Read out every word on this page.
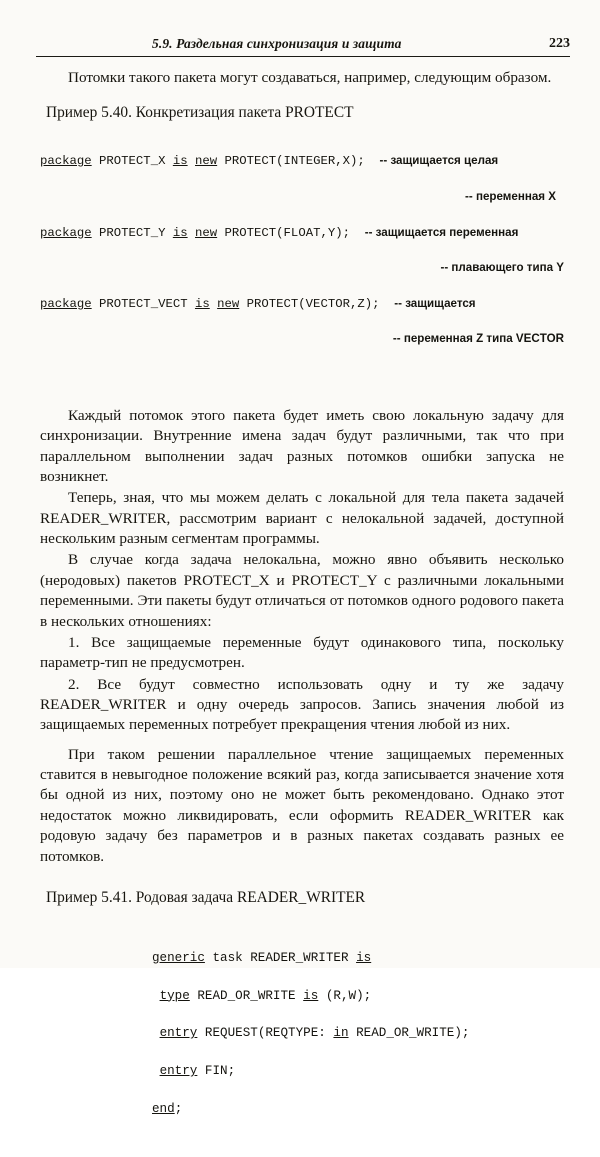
5.9. Раздельная синхронизация и защита	223

Потомки такого пакета могут создаваться, например, следующим образом.

Пример 5.40. Конкретизация пакета PROTECT

package PROTECT_X is new PROTECT(INTEGER,X); -- защищается целая

-- переменная X

package PROTECT_Y is new PROTECT(FLOAT,Y); -- защищается переменная

-- плавающего типа Y

package PROTECT_VECT is new PROTECT(VECTOR,Z); -- защищается

-- переменная Z типа VECTOR

Каждый потомок этого пакета будет иметь свою локальную задачу для синхронизации. Внутренние имена задач будут различными, так что при параллельном выполнении задач разных потомков ошибки запуска не возникнет.

Теперь, зная, что мы можем делать с локальной для тела пакета задачей READER_WRITER, рассмотрим вариант с нелокальной задачей, доступной нескольким разным сегментам программы.

В случае когда задача нелокальна, можно явно объявить несколько (неродовых) пакетов PROTECT_X и PROTECT_Y с различными локальными переменными. Эти пакеты будут отличаться от потомков одного родового пакета в нескольких отношениях:

1. Все защищаемые переменные будут одинакового типа, поскольку параметр-тип не предусмотрен.

2. Все будут совместно использовать одну и ту же задачу READER_WRITER и одну очередь запросов. Запись значения любой из защищаемых переменных потребует прекращения чтения любой из них.

При таком решении параллельное чтение защищаемых переменных ставится в невыгодное положение всякий раз, когда записывается значение хотя бы одной из них, поэтому оно не может быть рекомендовано. Однако этот недостаток можно ликвидировать, если оформить READER_WRITER как родовую задачу без параметров и в разных пакетах создавать разных ее потомков.

Пример 5.41. Родовая задача READER_WRITER

generic task READER_WRITER is

type READ_OR_WRITE is (R,W);

entry REQUEST(REQTYPE: in READ_OR_WRITE);

entry FIN;

end;
